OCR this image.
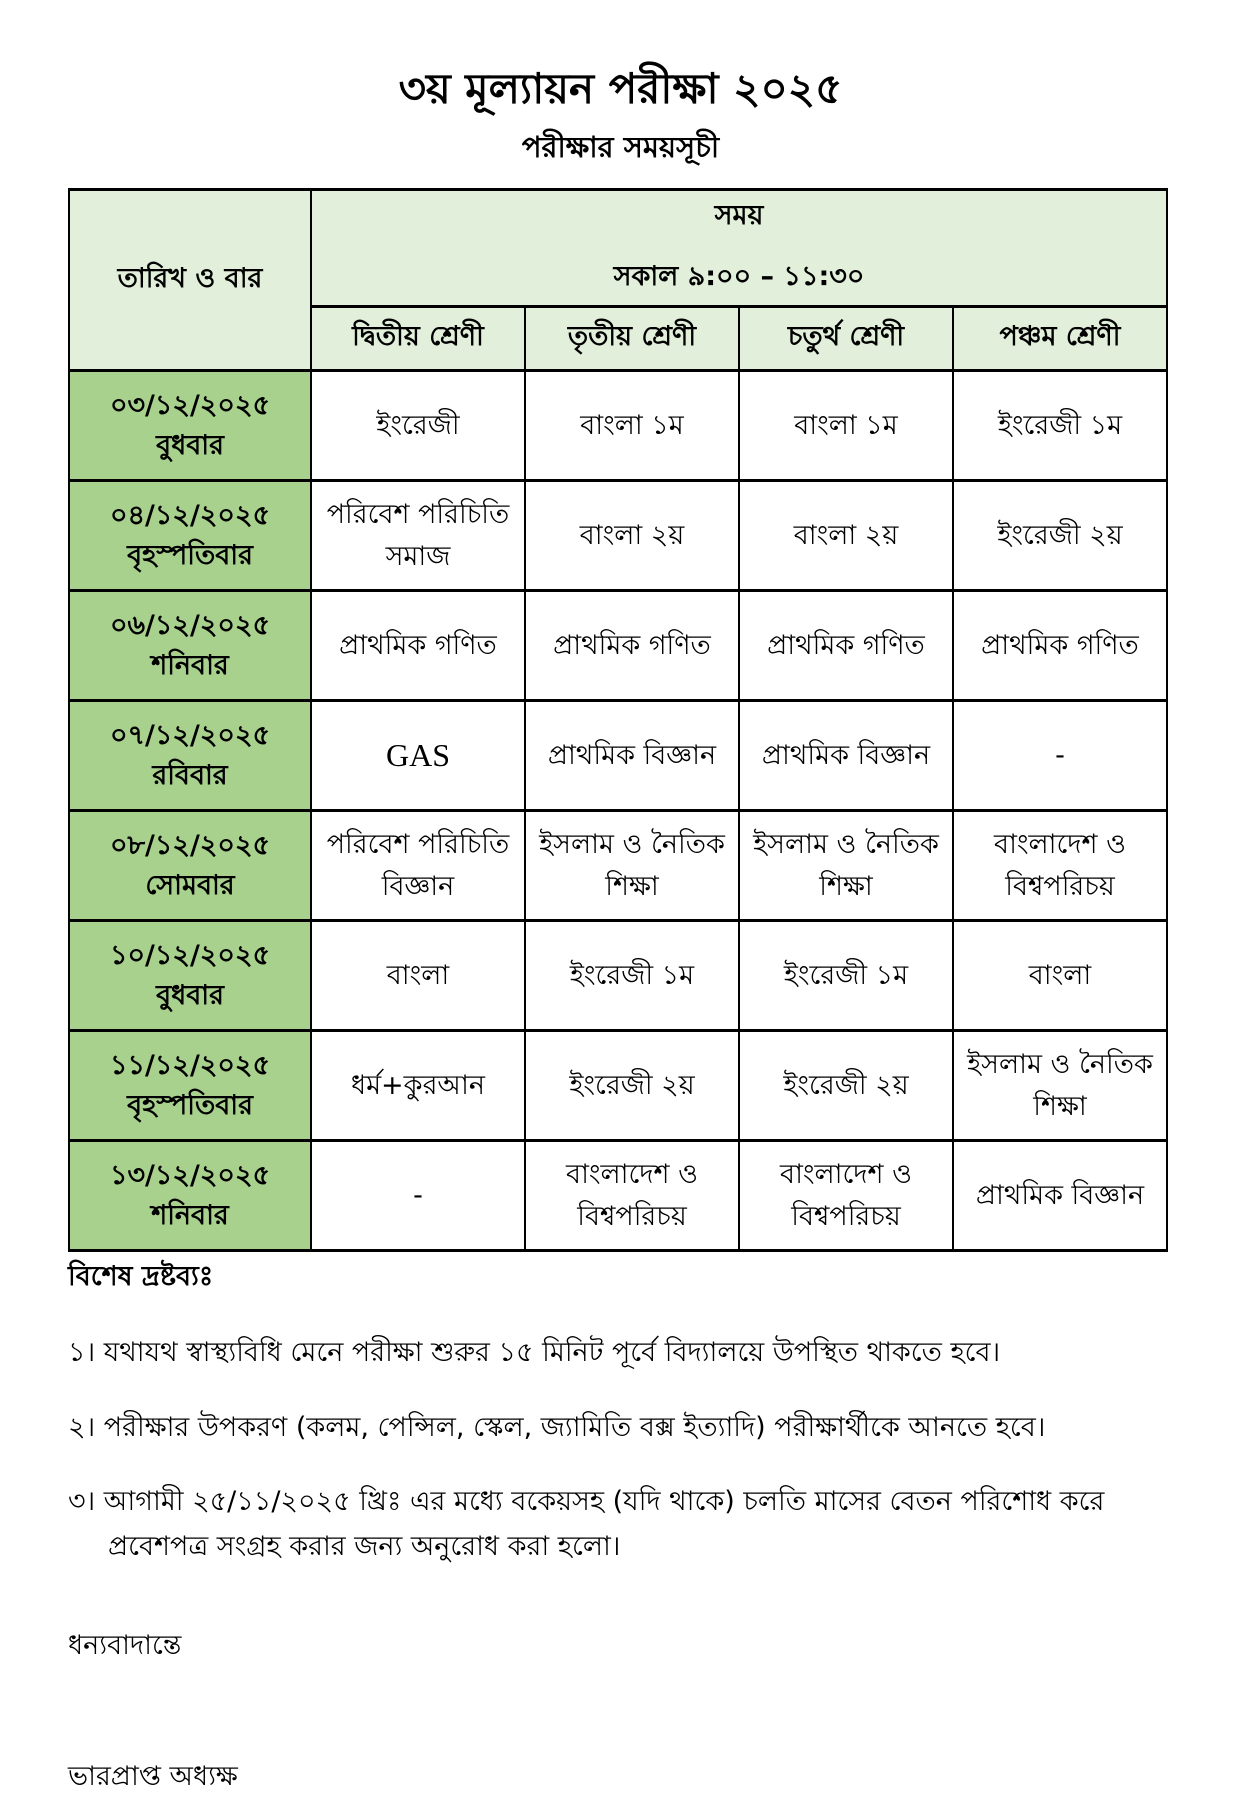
৩য় মূল্যায়ন পরীক্ষা ২০২৫
পরীক্ষার সময়সূচী
তারিখ ও বার	সময়
সকাল ৯:০০ – ১১:৩০			

	দ্বিতীয় শ্রেণী	তৃতীয় শ্রেণী	চতুর্থ শ্রেণী	পঞ্চম শ্রেণী

০৩/১২/২০২৫
বুধবার	ইংরেজী	বাংলা ১ম	বাংলা ১ম	ইংরেজী ১ম

০৪/১২/২০২৫
বৃহস্পতিবার	পরিবেশ পরিচিতি সমাজ	বাংলা ২য়	বাংলা ২য়	ইংরেজী ২য়

০৬/১২/২০২৫
শনিবার	প্রাথমিক গণিত	প্রাথমিক গণিত	প্রাথমিক গণিত	প্রাথমিক গণিত

০৭/১২/২০২৫
রবিবার	GAS	প্রাথমিক বিজ্ঞান	প্রাথমিক বিজ্ঞান	-

০৮/১২/২০২৫
সোমবার	পরিবেশ পরিচিতি বিজ্ঞান	ইসলাম ও নৈতিক শিক্ষা	ইসলাম ও নৈতিক শিক্ষা	বাংলাদেশ ও বিশ্বপরিচয়

১০/১২/২০২৫
বুধবার	বাংলা	ইংরেজী ১ম	ইংরেজী ১ম	বাংলা

১১/১২/২০২৫
বৃহস্পতিবার	ধর্ম+কুরআন	ইংরেজী ২য়	ইংরেজী ২য়	ইসলাম ও নৈতিক শিক্ষা

১৩/১২/২০২৫
শনিবার	-	বাংলাদেশ ও বিশ্বপরিচয়	বাংলাদেশ ও বিশ্বপরিচয়	প্রাথমিক বিজ্ঞান
বিশেষ দ্রষ্টব্যঃ
১। যথাযথ স্বাস্থ্যবিধি মেনে পরীক্ষা শুরুর ১৫ মিনিট পূর্বে বিদ্যালয়ে উপস্থিত থাকতে হবে।
২। পরীক্ষার উপকরণ (কলম, পেন্সিল, স্কেল, জ্যামিতি বক্স ইত্যাদি) পরীক্ষার্থীকে আনতে হবে।
৩। আগামী ২৫/১১/২০২৫ খ্রিঃ এর মধ্যে বকেয়সহ (যদি থাকে) চলতি মাসের বেতন পরিশোধ করে প্রবেশপত্র সংগ্রহ করার জন্য অনুরোধ করা হলো।
ধন্যবাদান্তে
ভারপ্রাপ্ত অধ্যক্ষ
